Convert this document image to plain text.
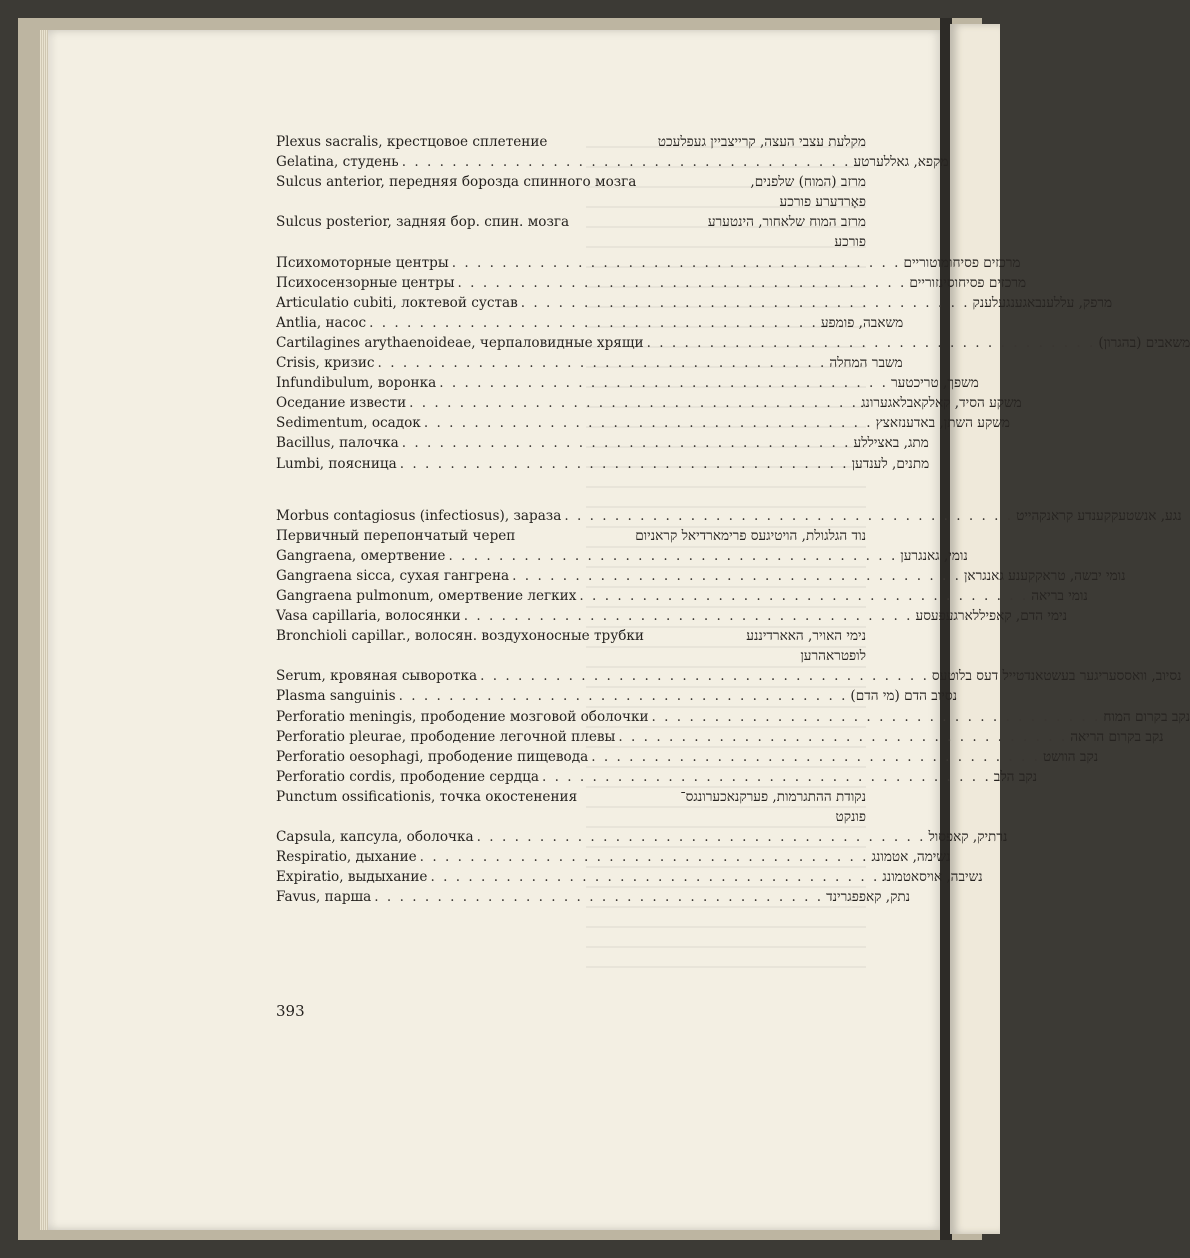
Plexus sacralis, крестцовое сплетение	מקלעת עצבי העצה, קרייצביין געפלעכט
Gelatina, студень . . . . . . . . . . . . . . . . . . . . . . . . . . . . . . . . . . . . מקפא, גאללערטע
Sulcus anterior, передняя борозда спинного мозга	מרזב (המוח) שלפנים,
פאָרדערע פורכע
Sulcus posterior, задняя бор. спин. мозга	מרזב המוח שלאחור, הינטערע
פורכע
Психомоторные центры . . . . . . . . . . . . . . . . . . . . . . . . . . . . . . . . . . . . מרכזים פסיחומוטוריים
Психосензорные центры . . . . . . . . . . . . . . . . . . . . . . . . . . . . . . . . . . . . מרכזים פסיחוסינזוריים
Articulatio cubiti, локтевой сустав . . . . . . . . . . . . . . . . . . . . . . . . . . . . . . . . . . . . מרפק, עללענבאגענגעלענק
Antlia, насос . . . . . . . . . . . . . . . . . . . . . . . . . . . . . . . . . . . . משאבה, פומפע
Cartilagines arythaenoideae, черпаловидные хрящи . . . . . . . . . . . . . . . . . . . . . . . . . . . . . . . . . . . . משאבים (בהגרון)
Crisis, кризис . . . . . . . . . . . . . . . . . . . . . . . . . . . . . . . . . . . . משבר המחלה
Infundibulum, воронка . . . . . . . . . . . . . . . . . . . . . . . . . . . . . . . . . . . . משפך, טריכטער
Оседание извести . . . . . . . . . . . . . . . . . . . . . . . . . . . . . . . . . . . . משקע הסיד, קאלקאבלאגערונג
Sedimentum, осадок . . . . . . . . . . . . . . . . . . . . . . . . . . . . . . . . . . . . משקע השתן, באדענזאצץ
Bacillus, палочка . . . . . . . . . . . . . . . . . . . . . . . . . . . . . . . . . . . . מתג, באציללע
Lumbi, поясница . . . . . . . . . . . . . . . . . . . . . . . . . . . . . . . . . . . . מתנים, לענדען
Morbus contagiosus (infectiosus), зараза . . . . . . . . . . . . . . . . . . . . . . . . . . . . . . . . . . . . נגע, אנשטעקקענדע קראנקהייט
Первичный перепончатый череп	נוד הגלגולת, הויטיגעס פרימארדיאל קראניום
Gangraena, омертвение . . . . . . . . . . . . . . . . . . . . . . . . . . . . . . . . . . . . נומי, גאנגרען
Gangraena sicca, сухая гангрена . . . . . . . . . . . . . . . . . . . . . . . . . . . . . . . . . . . . נומי יבשה, טראקקענע גאנגראן
Gangraena pulmonum, омертвение легких . . . . . . . . . . . . . . . . . . . . . . . . . . . . . . . . . . . . נומי בריאה
Vasa capillaria, волосянки . . . . . . . . . . . . . . . . . . . . . . . . . . . . . . . . . . . . נימי הדם, קאפיללארגעפעסע
Bronchioli capillar., волосян. воздухоносные трубки	נימי האויר, האארדיננע
לופטראהרען
Serum, кровяная сыворотка . . . . . . . . . . . . . . . . . . . . . . . . . . . . . . . . . . . . נסיוב, וואססעריגער בעשטאנדטייל דעס בלוטעס
Plasma sanguinis . . . . . . . . . . . . . . . . . . . . . . . . . . . . . . . . . . . . נסיוב הדם (מי הדם)
Perforatio meningis, прободение мозговой оболочки . . . . . . . . . . . . . . . . . . . . . . . . . . . . . . . . . . . . נקב בקרום המוח
Perforatio pleurae, прободение легочной плевы . . . . . . . . . . . . . . . . . . . . . . . . . . . . . . . . . . . . נקב בקרום הריאה
Perforatio oesophagi, прободение пищевода . . . . . . . . . . . . . . . . . . . . . . . . . . . . . . . . . . . . נקב הוושט
Perforatio cordis, прободение сердца . . . . . . . . . . . . . . . . . . . . . . . . . . . . . . . . . . . . נקב הלב
Punctum ossificationis, точка окостенения	נקודת ההתגרמות, פערקנאכערונגס־
פונקט
Capsula, капсула, оболочка . . . . . . . . . . . . . . . . . . . . . . . . . . . . . . . . . . . . נרתיק, קאפסול
Respiratio, дыхание . . . . . . . . . . . . . . . . . . . . . . . . . . . . . . . . . . . . נשימה, אטמונג
Expiratio, выдыхание . . . . . . . . . . . . . . . . . . . . . . . . . . . . . . . . . . . . נשיבה, אויסאטמונג
Favus, парша . . . . . . . . . . . . . . . . . . . . . . . . . . . . . . . . . . . . נתק, קאפפגרינד
393
